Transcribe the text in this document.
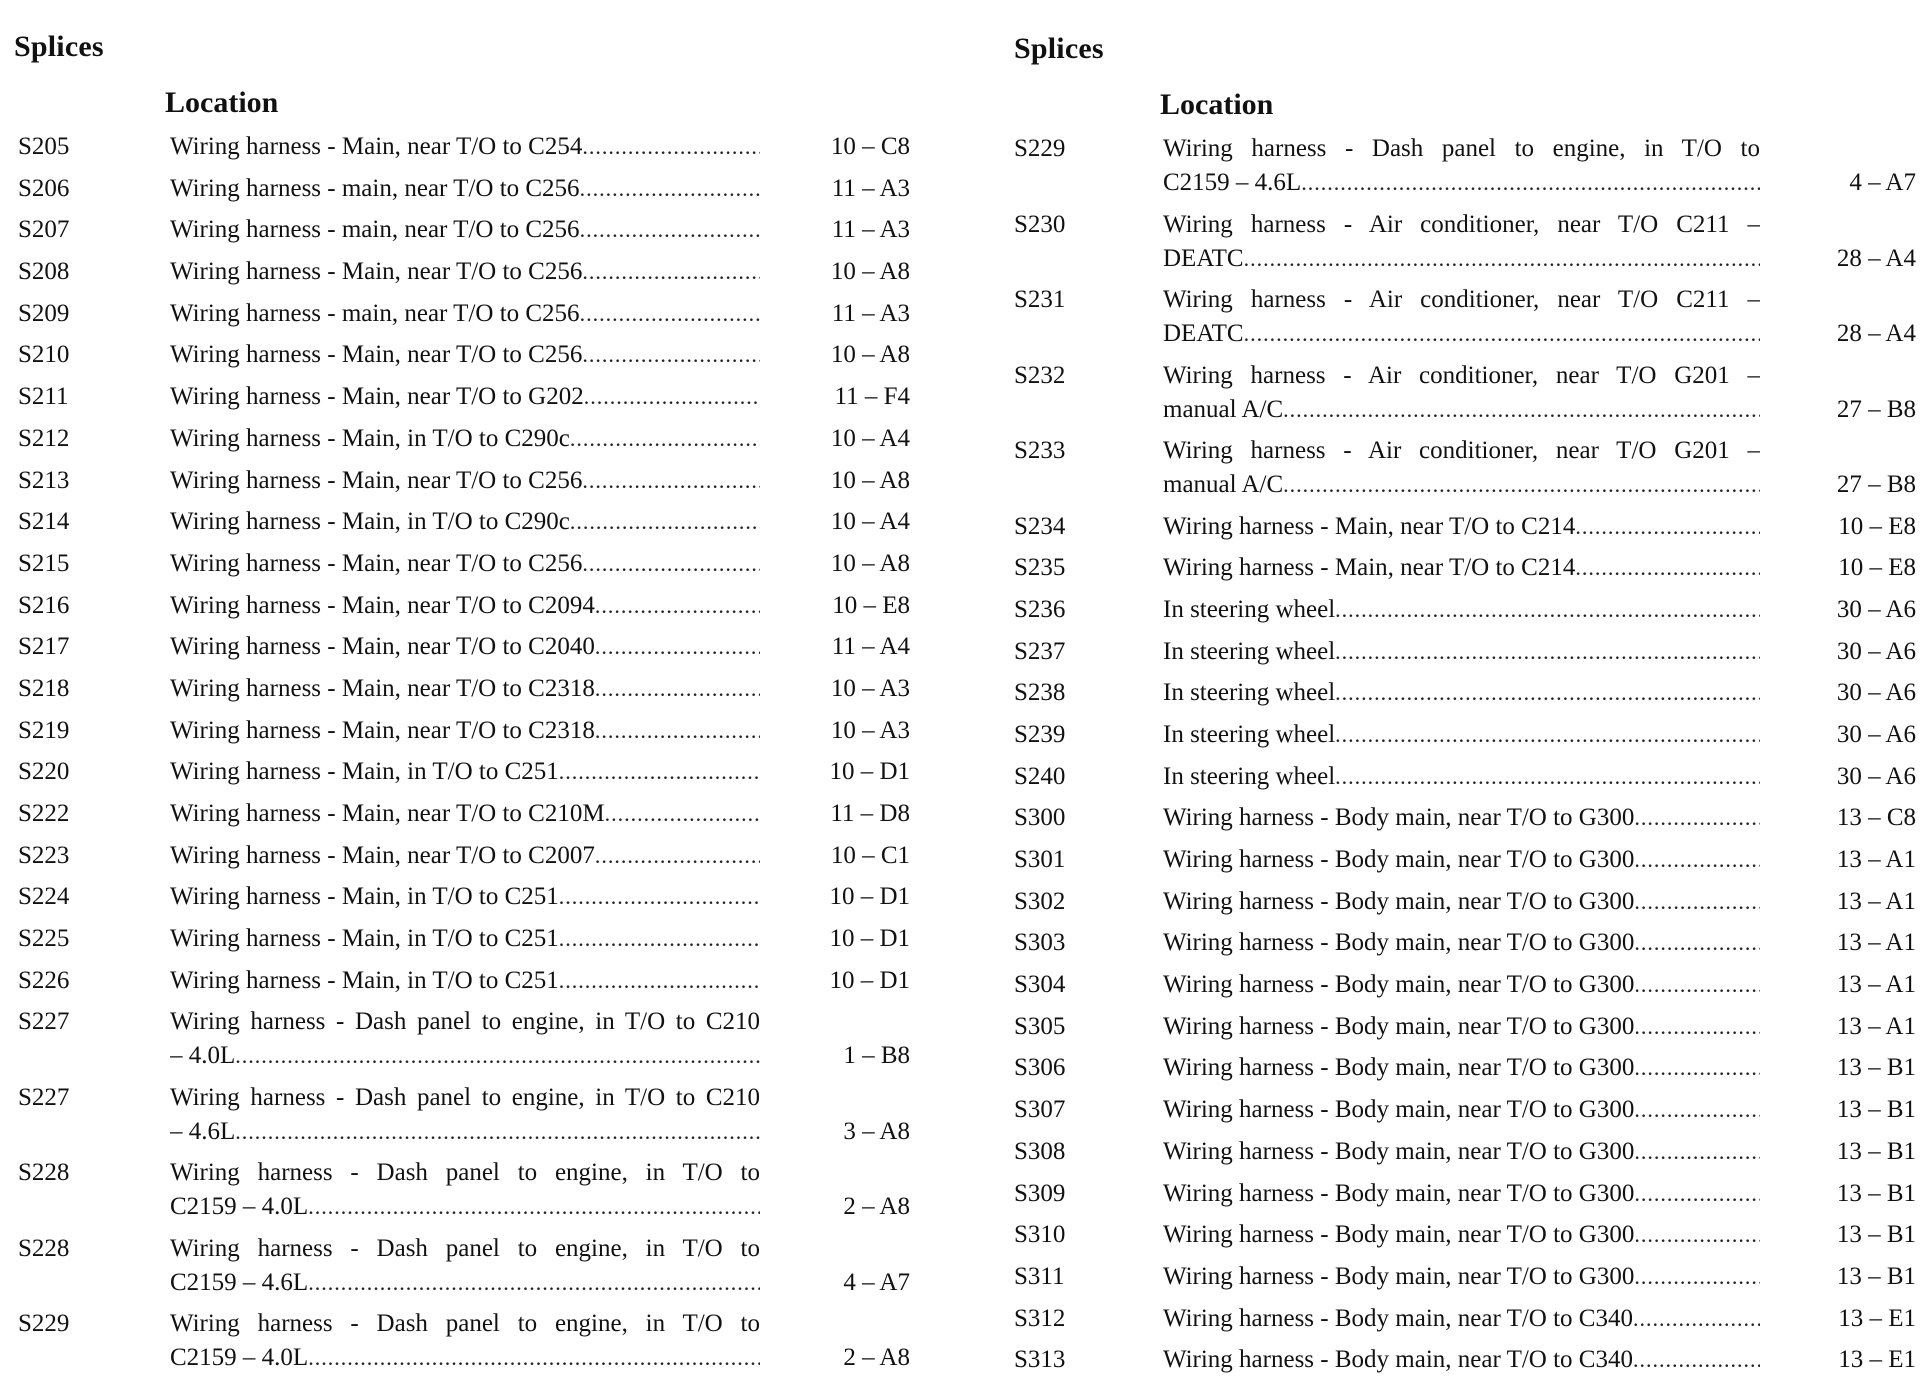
Splices
Location
S205	Wiring harness - Main, near T/O to C254 .....	10 – C8
S206	Wiring harness - main, near T/O to C256 .....	11 – A3
S207	Wiring harness - main, near T/O to C256 .....	11 – A3
S208	Wiring harness - Main, near T/O to C256 .....	10 – A8
S209	Wiring harness - main, near T/O to C256 .....	11 – A3
S210	Wiring harness - Main, near T/O to C256 .....	10 – A8
S211	Wiring harness - Main, near T/O to G202 .....	11 – F4
S212	Wiring harness - Main, in T/O to C290c .....	10 – A4
S213	Wiring harness - Main, near T/O to C256 .....	10 – A8
S214	Wiring harness - Main, in T/O to C290c .....	10 – A4
S215	Wiring harness - Main, near T/O to C256 .....	10 – A8
S216	Wiring harness - Main, near T/O to C2094 .....	10 – E8
S217	Wiring harness - Main, near T/O to C2040 .....	11 – A4
S218	Wiring harness - Main, near T/O to C2318 .....	10 – A3
S219	Wiring harness - Main, near T/O to C2318 .....	10 – A3
S220	Wiring harness - Main, in T/O to C251 .....	10 – D1
S222	Wiring harness - Main, near T/O to C210M .....	11 – D8
S223	Wiring harness - Main, near T/O to C2007 .....	10 – C1
S224	Wiring harness - Main, in T/O to C251 .....	10 – D1
S225	Wiring harness - Main, in T/O to C251 .....	10 – D1
S226	Wiring harness - Main, in T/O to C251 .....	10 – D1
S227	Wiring harness - Dash panel to engine, in T/O to C210
– 4.0L .....	1 – B8
S227	Wiring harness - Dash panel to engine, in T/O to C210
– 4.6L .....	3 – A8
S228	Wiring harness - Dash panel to engine, in T/O to
C2159 – 4.0L .....	2 – A8
S228	Wiring harness - Dash panel to engine, in T/O to
C2159 – 4.6L .....	4 – A7
S229	Wiring harness - Dash panel to engine, in T/O to
C2159 – 4.0L .....	2 – A8
Splices
Location
S229	Wiring harness - Dash panel to engine, in T/O to
C2159 – 4.6L .....	4 – A7
S230	Wiring harness - Air conditioner, near T/O C211 –
DEATC .....	28 – A4
S231	Wiring harness - Air conditioner, near T/O C211 –
DEATC .....	28 – A4
S232	Wiring harness - Air conditioner, near T/O G201 –
manual A/C .....	27 – B8
S233	Wiring harness - Air conditioner, near T/O G201 –
manual A/C .....	27 – B8
S234	Wiring harness - Main, near T/O to C214 .....	10 – E8
S235	Wiring harness - Main, near T/O to C214 .....	10 – E8
S236	In steering wheel .....	30 – A6
S237	In steering wheel .....	30 – A6
S238	In steering wheel .....	30 – A6
S239	In steering wheel .....	30 – A6
S240	In steering wheel .....	30 – A6
S300	Wiring harness - Body main, near T/O to G300 .....	13 – C8
S301	Wiring harness - Body main, near T/O to G300 .....	13 – A1
S302	Wiring harness - Body main, near T/O to G300 .....	13 – A1
S303	Wiring harness - Body main, near T/O to G300 .....	13 – A1
S304	Wiring harness - Body main, near T/O to G300 .....	13 – A1
S305	Wiring harness - Body main, near T/O to G300 .....	13 – A1
S306	Wiring harness - Body main, near T/O to G300 .....	13 – B1
S307	Wiring harness - Body main, near T/O to G300 .....	13 – B1
S308	Wiring harness - Body main, near T/O to G300 .....	13 – B1
S309	Wiring harness - Body main, near T/O to G300 .....	13 – B1
S310	Wiring harness - Body main, near T/O to G300 .....	13 – B1
S311	Wiring harness - Body main, near T/O to G300 .....	13 – B1
S312	Wiring harness - Body main, near T/O to C340 .....	13 – E1
S313	Wiring harness - Body main, near T/O to C340 .....	13 – E1
